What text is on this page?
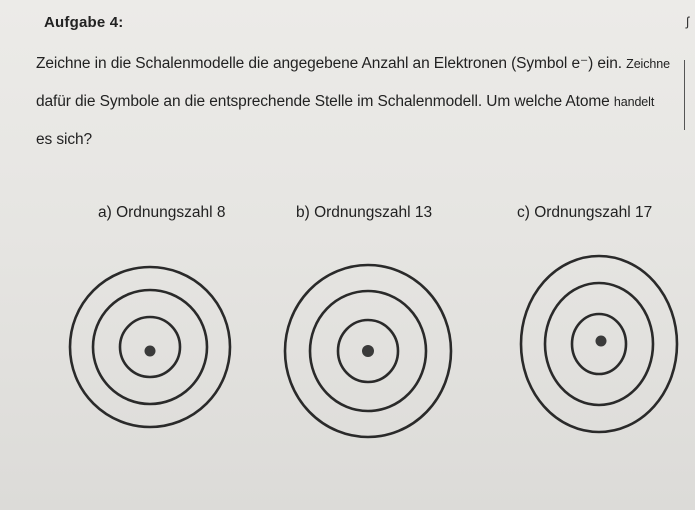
Aufgabe 4:
Zeichne in die Schalenmodelle die angegebene Anzahl an Elektronen (Symbol e⁻) ein. Zeichne
dafür die Symbole an die entsprechende Stelle im Schalenmodell. Um welche Atome handelt
es sich?
ʃ
a) Ordnungszahl 8	b) Ordnungszahl 13	c) Ordnungszahl 17
